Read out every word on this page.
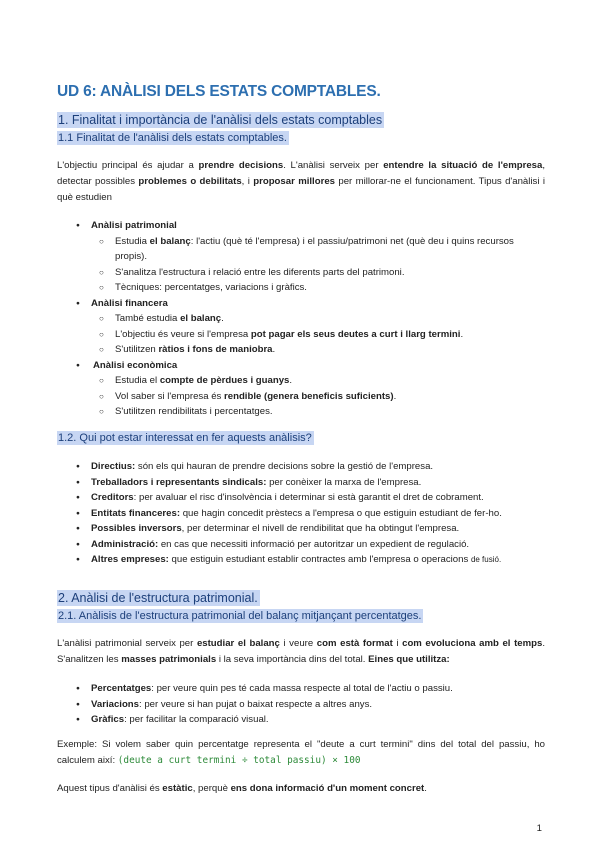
UD 6: ANÀLISI DELS ESTATS COMPTABLES.
1. Finalitat i importància de l'anàlisi dels estats comptables
1.1 Finalitat de l'anàlisi dels estats comptables.

L'objectiu principal és ajudar a prendre decisions. L'anàlisi serveix per entendre la situació de l'empresa, detectar possibles problemes o debilitats, i proposar millores per millorar-ne el funcionament. Tipus d'anàlisi i què estudien

● Anàlisi patrimonial
○ Estudia el balanç: l'actiu (què té l'empresa) i el passiu/patrimoni net (què deu i quins recursos propis).
○ S'analitza l'estructura i relació entre les diferents parts del patrimoni.
○ Tècniques: percentatges, variacions i gràfics.
● Anàlisi financera
○ També estudia el balanç.
○ L'objectiu és veure si l'empresa pot pagar els seus deutes a curt i llarg termini.
○ S'utilitzen ràtios i fons de maniobra.
● Anàlisi econòmica
○ Estudia el compte de pèrdues i guanys.
○ Vol saber si l'empresa és rendible (genera beneficis suficients).
○ S'utilitzen rendibilitats i percentatges.
1.2. Qui pot estar interessat en fer aquests anàlisis?
● Directius: són els qui hauran de prendre decisions sobre la gestió de l'empresa.
● Treballadors i representants sindicals: per conèixer la marxa de l'empresa.
● Creditors: per avaluar el risc d'insolvència i determinar si està garantit el dret de cobrament.
● Entitats financeres: que hagin concedit prèstecs a l'empresa o que estiguin estudiant de fer-ho.
● Possibles inversors, per determinar el nivell de rendibilitat que ha obtingut l'empresa.
● Administració: en cas que necessiti informació per autoritzar un expedient de regulació.
● Altres empreses: que estiguin estudiant establir contractes amb l'empresa o operacions de fusió.
2. Anàlisi de l'estructura patrimonial.
2.1. Anàlisis de l'estructura patrimonial del balanç mitjançant percentatges.

L'anàlisi patrimonial serveix per estudiar el balanç i veure com està format i com evoluciona amb el temps. S'analitzen les masses patrimonials i la seva importància dins del total. Eines que utilitza:

● Percentatges: per veure quin pes té cada massa respecte al total de l'actiu o passiu.
● Variacions: per veure si han pujat o baixat respecte a altres anys.
● Gràfics: per facilitar la comparació visual.

Exemple: Si volem saber quin percentatge representa el "deute a curt termini" dins del total del passiu, ho calculem així: (deute a curt termini ÷ total passiu) × 100

Aquest tipus d'anàlisi és estàtic, perquè ens dona informació d'un moment concret.

1
